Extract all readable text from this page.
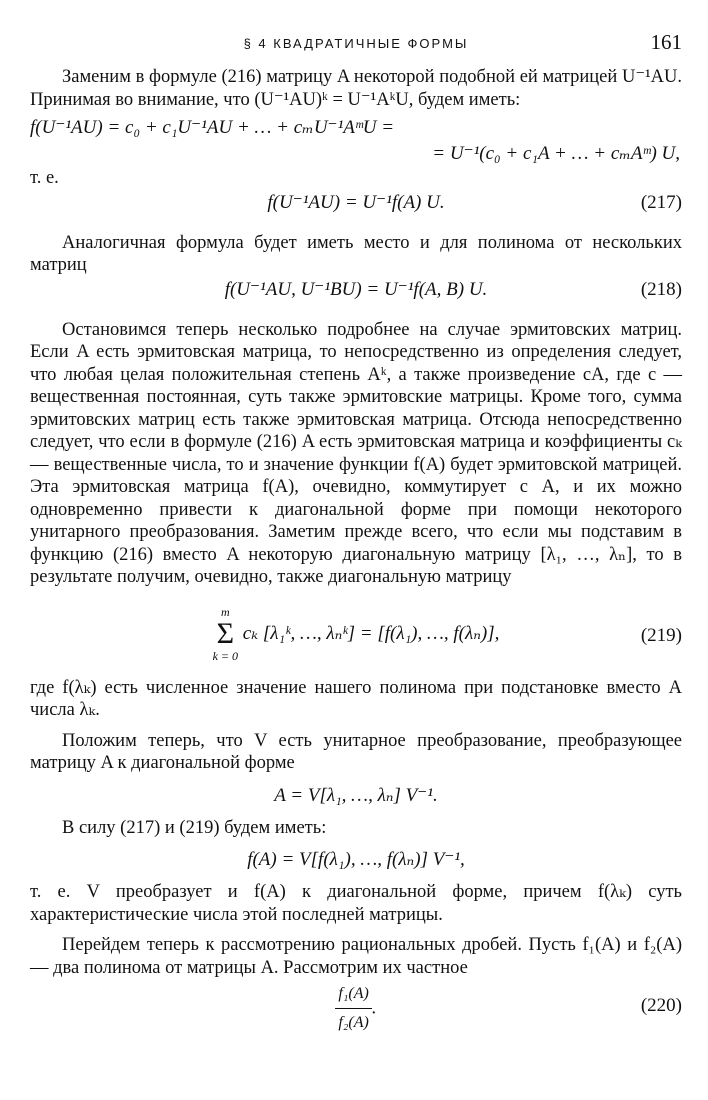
§ 4 КВАДРАТИЧНЫЕ ФОРМЫ	161

Заменим в формуле (216) матрицу A некоторой подобной ей матрицей U⁻¹AU. Принимая во внимание, что (U⁻¹AU)ᵏ = U⁻¹AᵏU, будем иметь:

f(U⁻¹AU) = c₀ + c₁U⁻¹AU + … + cₘU⁻¹AᵐU =
= U⁻¹(c₀ + c₁A + … + cₘAᵐ) U,

т. е.

f(U⁻¹AU) = U⁻¹f(A) U.	(217)

Аналогичная формула будет иметь место и для полинома от нескольких матриц

f(U⁻¹AU, U⁻¹BU) = U⁻¹f(A, B) U.	(218)

Остановимся теперь несколько подробнее на случае эрмитовских матриц. Если A есть эрмитовская матрица, то непосредственно из определения следует, что любая целая положительная степень Aᵏ, а также произведение cA, где c — вещественная постоянная, суть также эрмитовские матрицы. Кроме того, сумма эрмитовских матриц есть также эрмитовская матрица. Отсюда непосредственно следует, что если в формуле (216) A есть эрмитовская матрица и коэффициенты cₖ — вещественные числа, то и значение функции f(A) будет эрмитовской матрицей. Эта эрмитовская матрица f(A), очевидно, коммутирует с A, и их можно одновременно привести к диагональной форме при помощи некоторого унитарного преобразования. Заметим прежде всего, что если мы подставим в функцию (216) вместо A некоторую диагональную матрицу [λ₁, …, λₙ], то в результате получим, очевидно, также диагональную матрицу

m
Σ
k = 0
cₖ [λ₁ᵏ, …, λₙᵏ] = [f(λ₁), …, f(λₙ)],	(219)

где f(λₖ) есть численное значение нашего полинома при подстановке вместо A числа λₖ.

Положим теперь, что V есть унитарное преобразование, преобразующее матрицу A к диагональной форме

A = V[λ₁, …, λₙ] V⁻¹.

В силу (217) и (219) будем иметь:

f(A) = V[f(λ₁), …, f(λₙ)] V⁻¹,

т. е. V преобразует и f(A) к диагональной форме, причем f(λₖ) суть характеристические числа этой последней матрицы.

Перейдем теперь к рассмотрению рациональных дробей. Пусть f₁(A) и f₂(A) — два полинома от матрицы A. Рассмотрим их частное

$\frac{\text{f₁(A)}}{\text{f₂(A)}}$ .	(220)
